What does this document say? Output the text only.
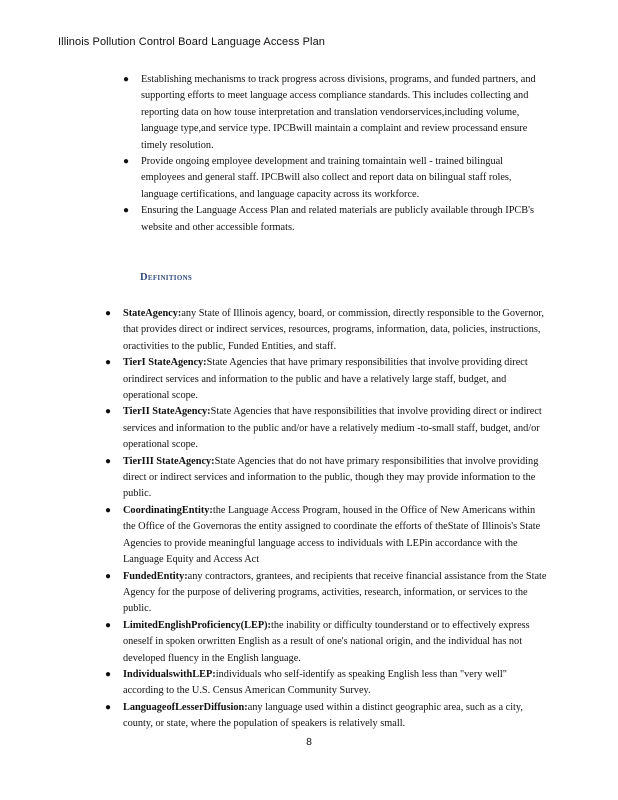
Illinois Pollution Control Board Language Access Plan
● Establishing mechanisms to track progress across divisions, programs, and funded partners, and supporting efforts to meet language access compliance standards. This includes collecting and reporting data on how touse interpretation and translation vendorservices,including volume, language type,and service type. IPCBwill maintain a complaint and review processand ensure timely resolution.
● Provide ongoing employee development and training tomaintain well - trained bilingual employees and general staff. IPCBwill also collect and report data on bilingual staff roles, language certifications, and language capacity across its workforce.
● Ensuring the Language Access Plan and related materials are publicly available through IPCB's website and other accessible formats.
Definitions
● StateAgency:any State of Illinois agency, board, or commission, directly responsible to the Governor, that provides direct or indirect services, resources, programs, information, data, policies, instructions, oractivities to the public, Funded Entities, and staff.
● TierI StateAgency:State Agencies that have primary responsibilities that involve providing direct orindirect services and information to the public and have a relatively large staff, budget, and operational scope.
● TierII StateAgency:State Agencies that have responsibilities that involve providing direct or indirect services and information to the public and/or have a relatively medium -to-small staff, budget, and/or operational scope.
● TierIII StateAgency:State Agencies that do not have primary responsibilities that involve providing direct or indirect services and information to the public, though they may provide information to the public.
● CoordinatingEntity:the Language Access Program, housed in the Office of New Americans within the Office of the Governoras the entity assigned to coordinate the efforts of theState of Illinois's State Agencies to provide meaningful language access to individuals with LEPin accordance with the Language Equity and Access Act
● FundedEntity:any contractors, grantees, and recipients that receive financial assistance from the State Agency for the purpose of delivering programs, activities, research, information, or services to the public.
● LimitedEnglishProficiency(LEP):the inability or difficulty tounderstand or to effectively express oneself in spoken orwritten English as a result of one's national origin, and the individual has not developed fluency in the English language.
● IndividualswithLEP:individuals who self-identify as speaking English less than "very well" according to the U.S. Census American Community Survey.
● LanguageofLesserDiffusion:any language used within a distinct geographic area, such as a city, county, or state, where the population of speakers is relatively small.
8
